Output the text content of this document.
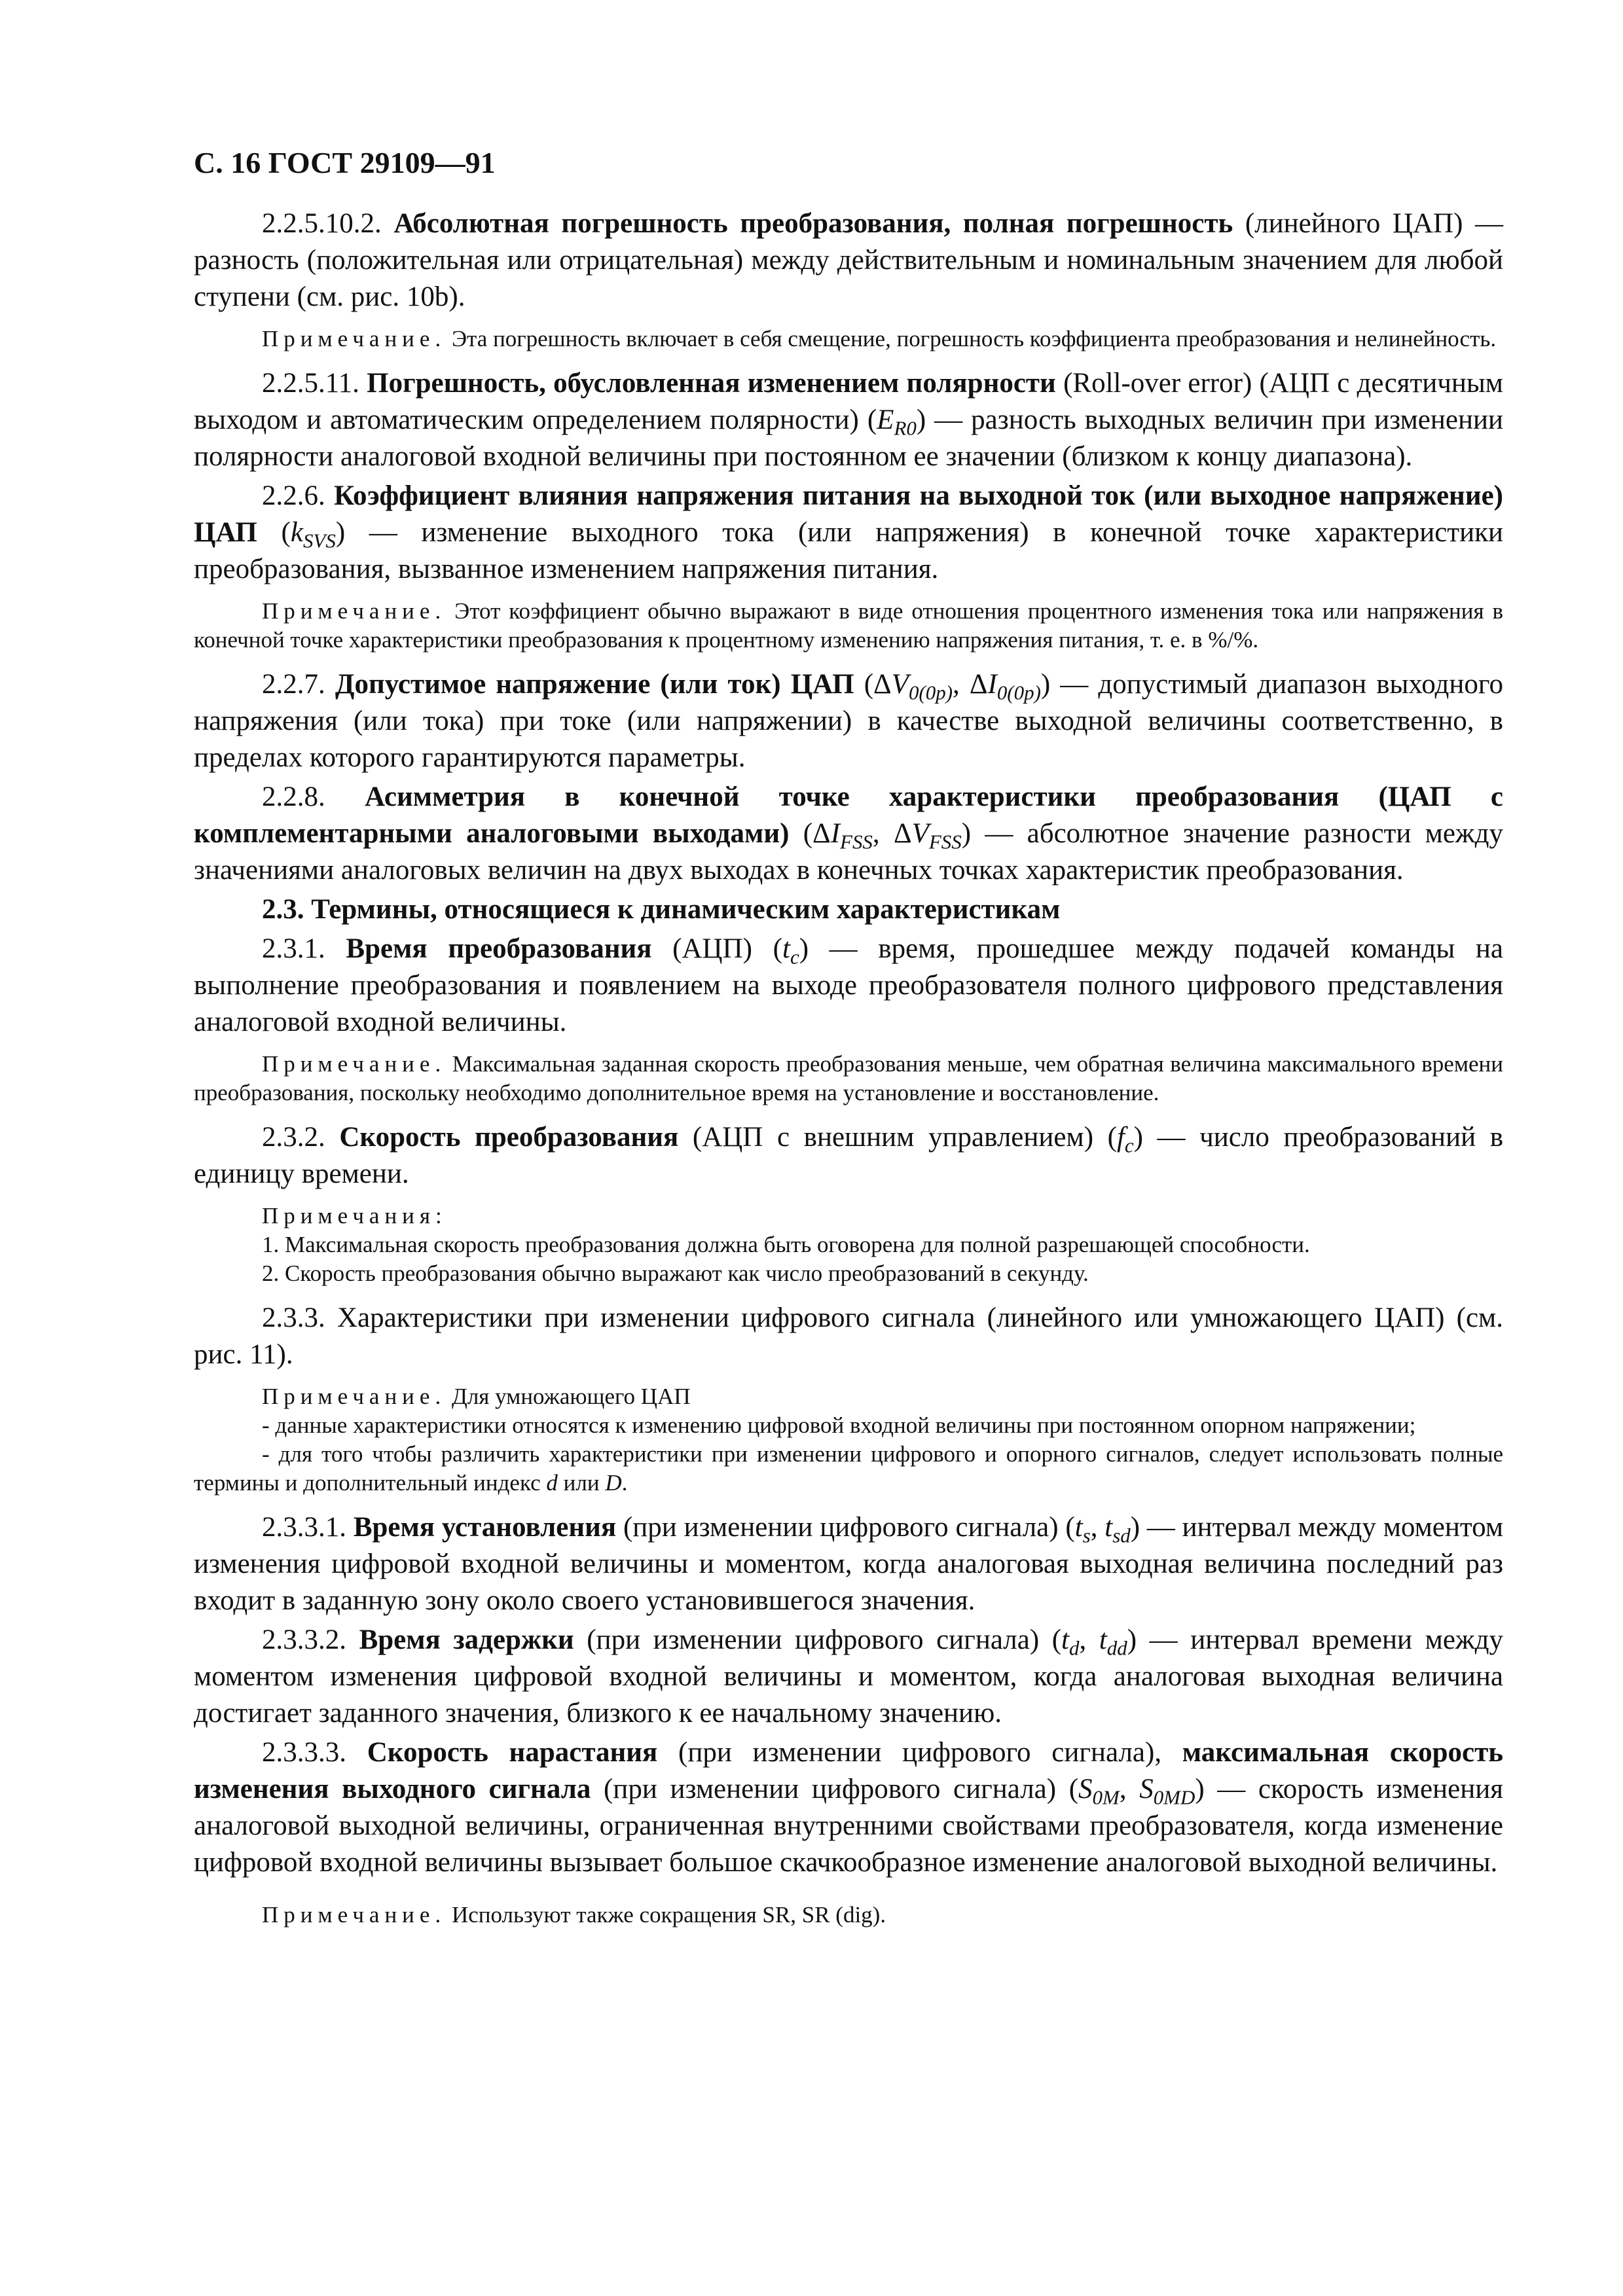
С. 16 ГОСТ 29109—91

2.2.5.10.2. Абсолютная погрешность преобразования, полная погрешность (линейного ЦАП) — разность (положительная или отрицательная) между действительным и номинальным значением для любой ступени (см. рис. 10b).

Примечание. Эта погрешность включает в себя смещение, погрешность коэффициента преобразования и нелинейность.

2.2.5.11. Погрешность, обусловленная изменением полярности (Roll-over error) (АЦП с десятичным выходом и автоматическим определением полярности) $(E_{R0})$ — разность выходных величин при изменении полярности аналоговой входной величины при постоянном ее значении (близком к концу диапазона).

2.2.6. Коэффициент влияния напряжения питания на выходной ток (или выходное напряжение) ЦАП $(k_{SVS})$ — изменение выходного тока (или напряжения) в конечной точке характеристики преобразования, вызванное изменением напряжения питания.

Примечание. Этот коэффициент обычно выражают в виде отношения процентного изменения тока или напряжения в конечной точке характеристики преобразования к процентному изменению напряжения питания, т. е. в %/%.

2.2.7. Допустимое напряжение (или ток) ЦАП ($\Delta V_{0(0p)}$, $\Delta I_{0(0p)}$) — допустимый диапазон выходного напряжения (или тока) при токе (или напряжении) в качестве выходной величины соответственно, в пределах которого гарантируются параметры.

2.2.8. Асимметрия в конечной точке характеристики преобразования (ЦАП с комплементарными аналоговыми выходами) ($\Delta I_{FSS}$, $\Delta V_{FSS}$) — абсолютное значение разности между значениями аналоговых величин на двух выходах в конечных точках характеристик преобразования.

2.3. Термины, относящиеся к динамическим характеристикам

2.3.1. Время преобразования (АЦП) $(t_c)$ — время, прошедшее между подачей команды на выполнение преобразования и появлением на выходе преобразователя полного цифрового представления аналоговой входной величины.

Примечание. Максимальная заданная скорость преобразования меньше, чем обратная величина максимального времени преобразования, поскольку необходимо дополнительное время на установление и восстановление.

2.3.2. Скорость преобразования (АЦП с внешним управлением) $(f_c)$ — число преобразований в единицу времени.

Примечания:
1. Максимальная скорость преобразования должна быть оговорена для полной разрешающей способности.
2. Скорость преобразования обычно выражают как число преобразований в секунду.

2.3.3. Характеристики при изменении цифрового сигнала (линейного или умножающего ЦАП) (см. рис. 11).

Примечание. Для умножающего ЦАП
- данные характеристики относятся к изменению цифровой входной величины при постоянном опорном напряжении;
- для того чтобы различить характеристики при изменении цифрового и опорного сигналов, следует использовать полные термины и дополнительный индекс d или D.

2.3.3.1. Время установления (при изменении цифрового сигнала) ($t_s$, $t_{sd}$) — интервал между моментом изменения цифровой входной величины и моментом, когда аналоговая выходная величина последний раз входит в заданную зону около своего установившегося значения.

2.3.3.2. Время задержки (при изменении цифрового сигнала) ($t_d$, $t_{dd}$) — интервал времени между моментом изменения цифровой входной величины и моментом, когда аналоговая выходная величина достигает заданного значения, близкого к ее начальному значению.

2.3.3.3. Скорость нарастания (при изменении цифрового сигнала), максимальная скорость изменения выходного сигнала (при изменении цифрового сигнала) ($S_{0M}$, $S_{0MD}$) — скорость изменения аналоговой выходной величины, ограниченная внутренними свойствами преобразователя, когда изменение цифровой входной величины вызывает большое скачкообразное изменение аналоговой выходной величины.

Примечание. Используют также сокращения SR, SR (dig).
